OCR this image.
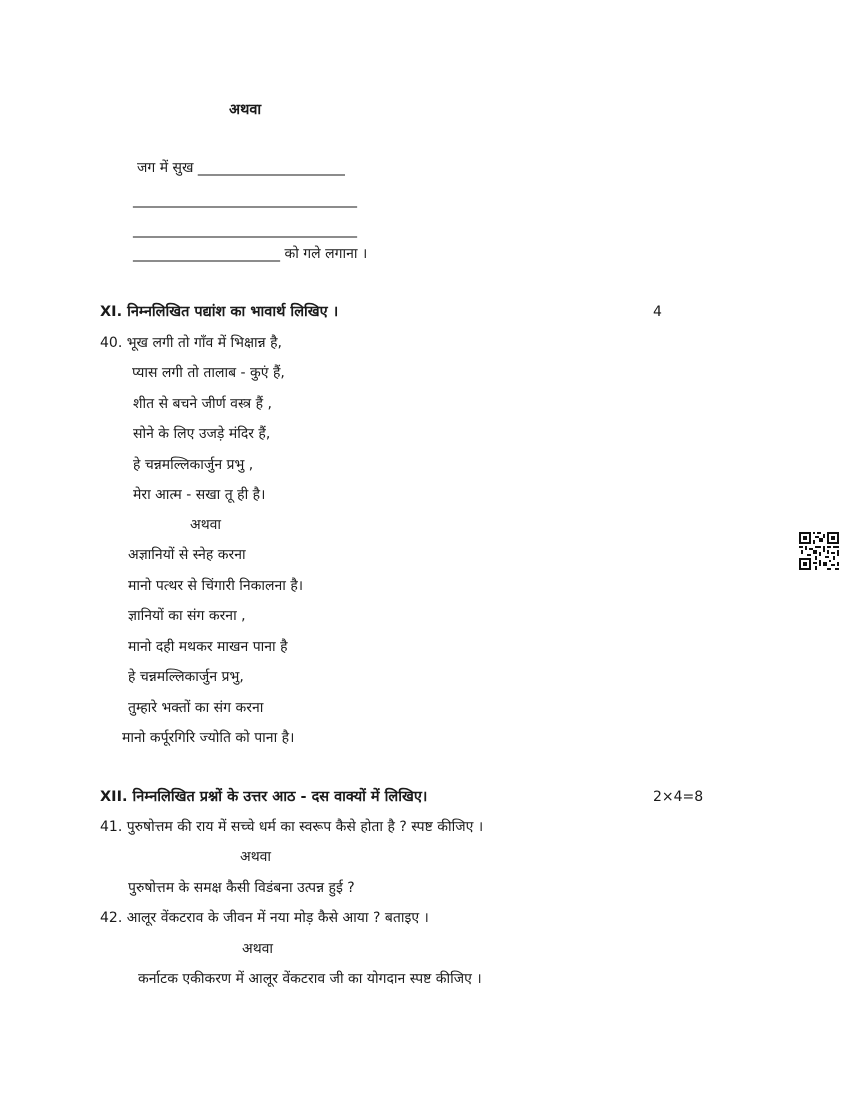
अथवा
जग में सुख _____________________
________________________________
________________________________
_____________________ को गले लगाना ।
XI. निम्नलिखित पद्यांश का भावार्थ लिखिए ।	4
40. भूख लगी तो गाँव में भिक्षान्न है,
प्यास लगी तो तालाब - कुएं हैं,
शीत से बचने जीर्ण वस्त्र हैं ,
सोने के लिए उजड़े मंदिर हैं,
हे चन्नमल्लिकार्जुन प्रभु ,
मेरा आत्म - सखा तू ही है।
अथवा
अज्ञानियों से स्नेह करना
मानो पत्थर से चिंगारी निकालना है।
ज्ञानियों का संग करना ,
मानो दही मथकर माखन पाना है
हे चन्नमल्लिकार्जुन प्रभु,
तुम्हारे भक्तों का संग करना
मानो कर्पूरगिरि ज्योति को पाना है।
XII. निम्नलिखित प्रश्नों के उत्तर आठ - दस वाक्यों में लिखिए।	2×4=8
41. पुरुषोत्तम की राय में सच्चे धर्म का स्वरूप कैसे होता है ? स्पष्ट कीजिए ।
अथवा
पुरुषोत्तम के समक्ष कैसी विडंबना उत्पन्न हुई ?
42. आलूर वेंकटराव के जीवन में नया मोड़ कैसे आया ? बताइए ।
अथवा
कर्नाटक एकीकरण में आलूर वेंकटराव जी का योगदान स्पष्ट कीजिए ।
